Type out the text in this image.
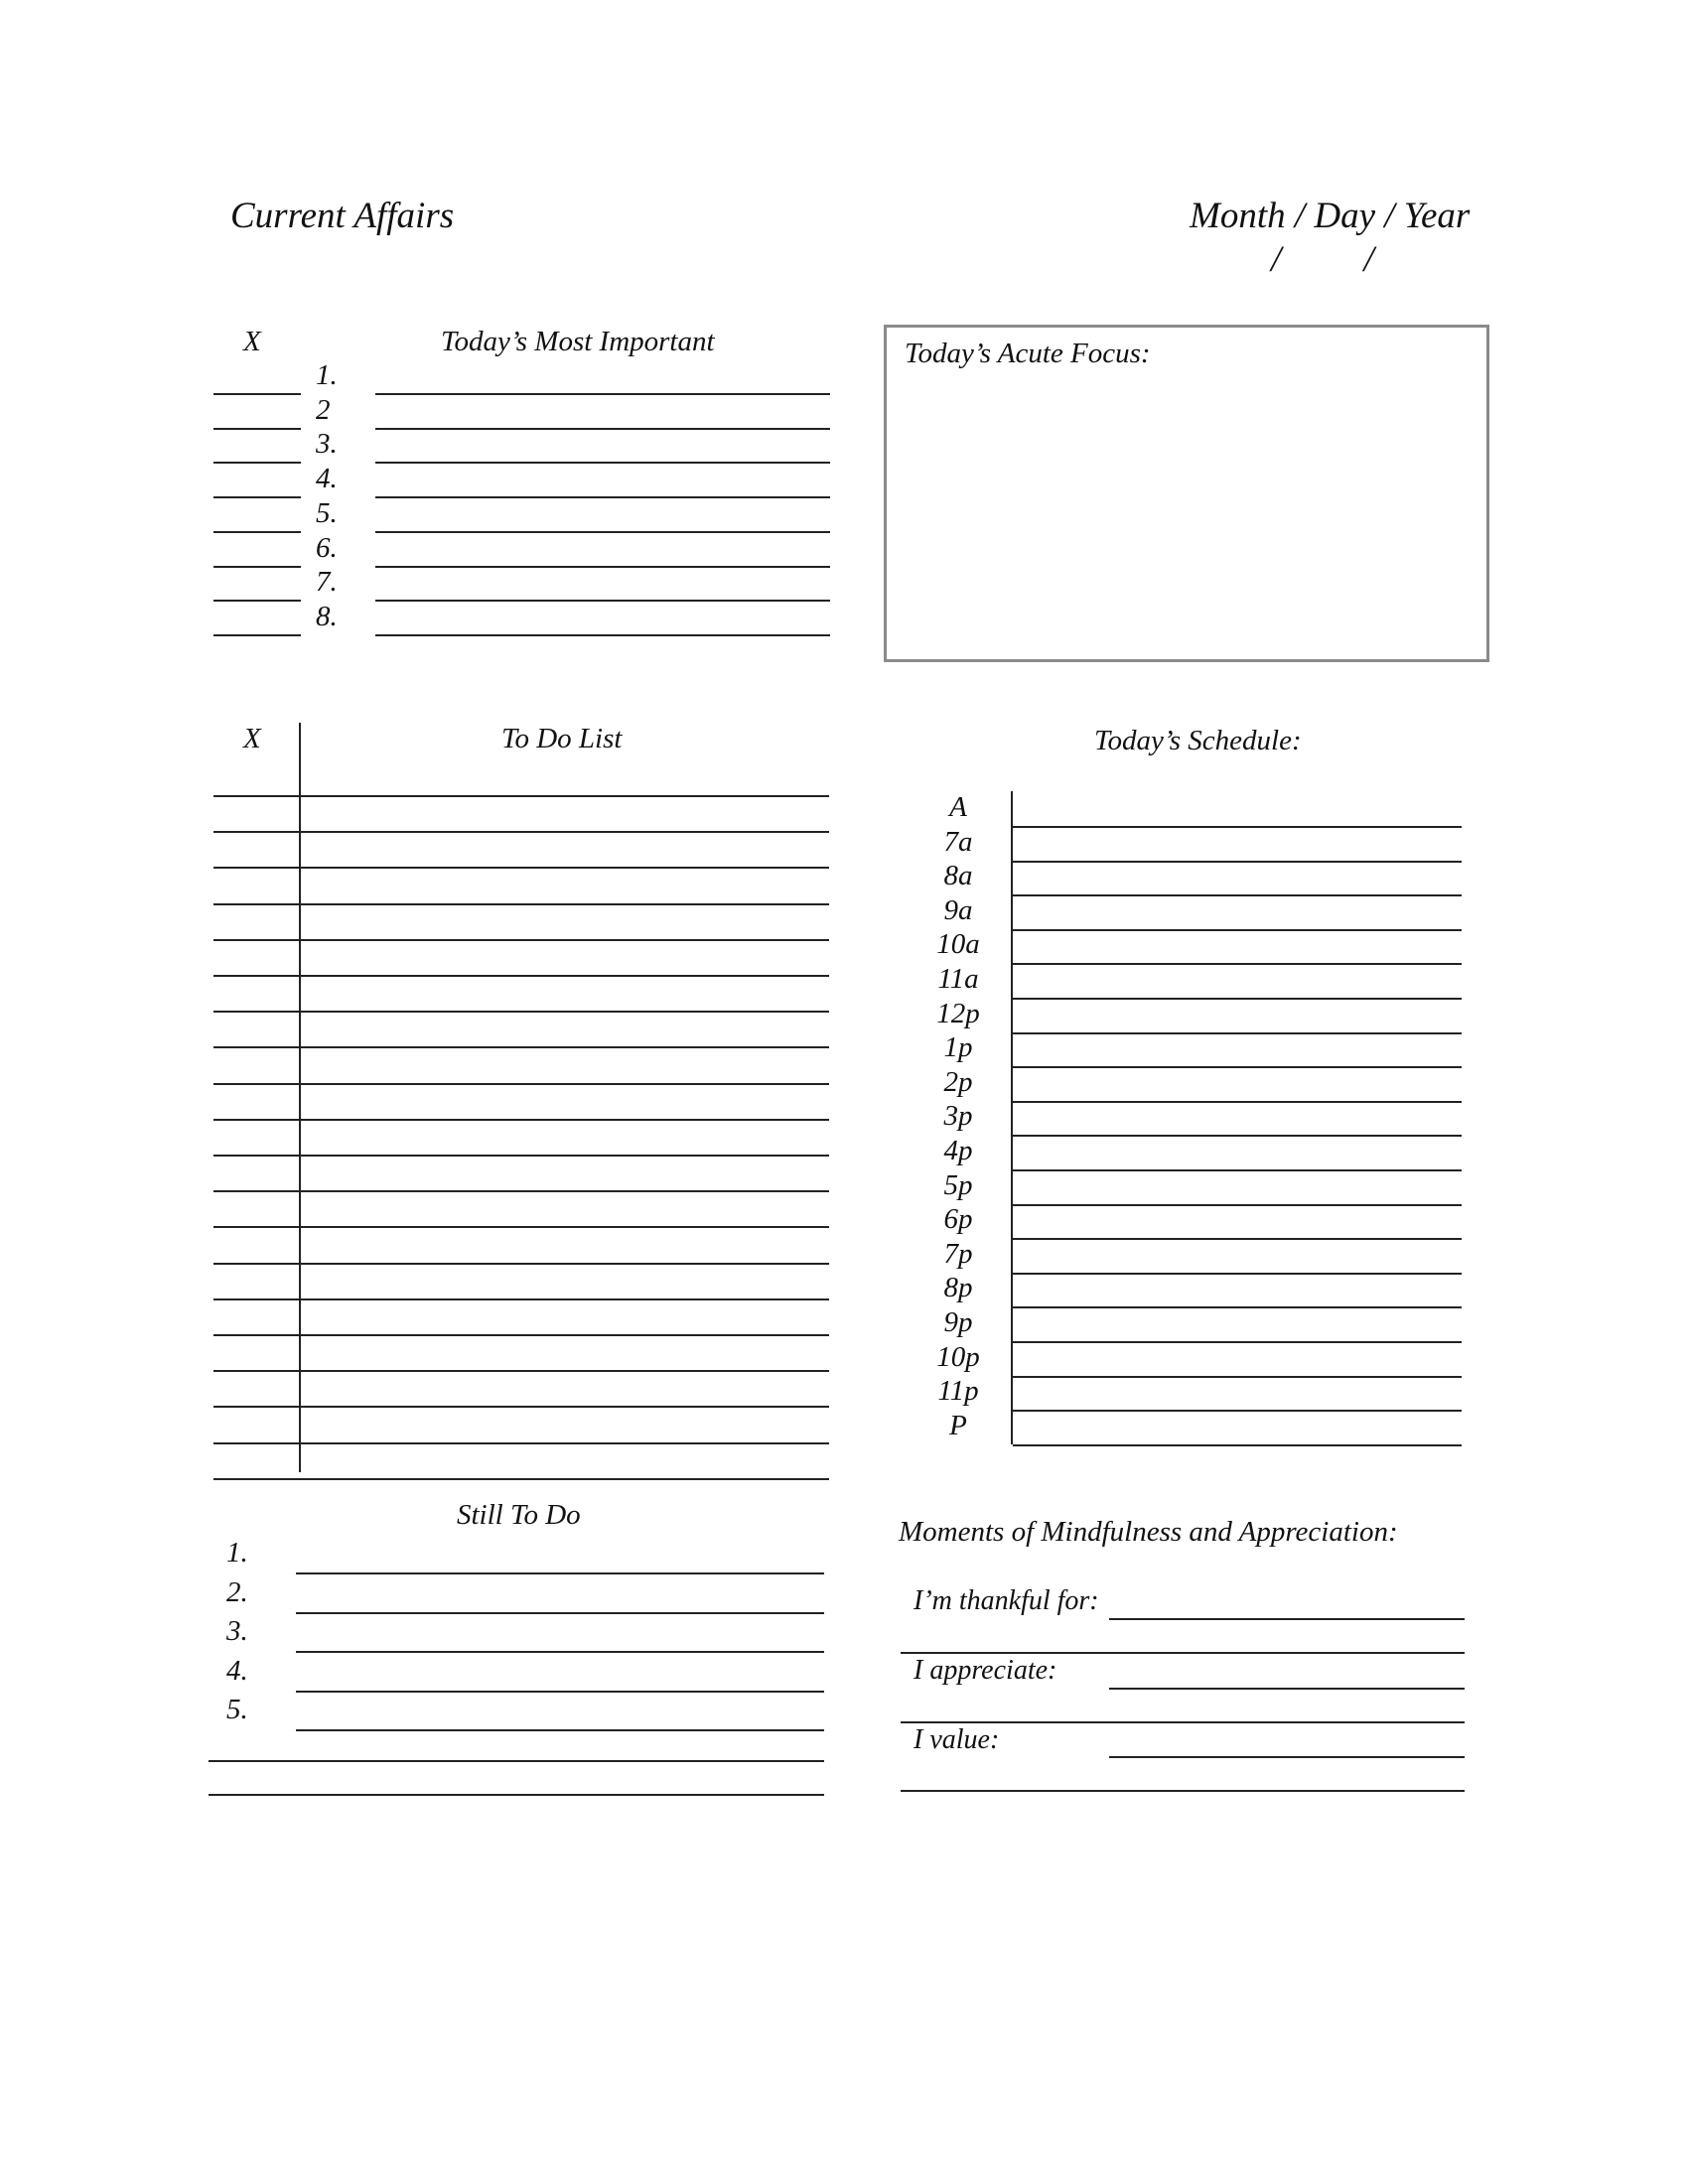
Current Affairs	Month / Day / Year
/         /
X	Today’s Most Important
1.
2
3.
4.
5.
6.
7.
8.
Today’s Acute Focus:
X	To Do List	Today’s Schedule:
A
7a
8a
9a
10a
11a
12p
1p
2p
3p
4p
5p
6p
7p
8p
9p
10p
11p
P
Still To Do
1.
2.
3.
4.
5.
Moments of Mindfulness and Appreciation:
I’m thankful for:
I appreciate:
I value:
